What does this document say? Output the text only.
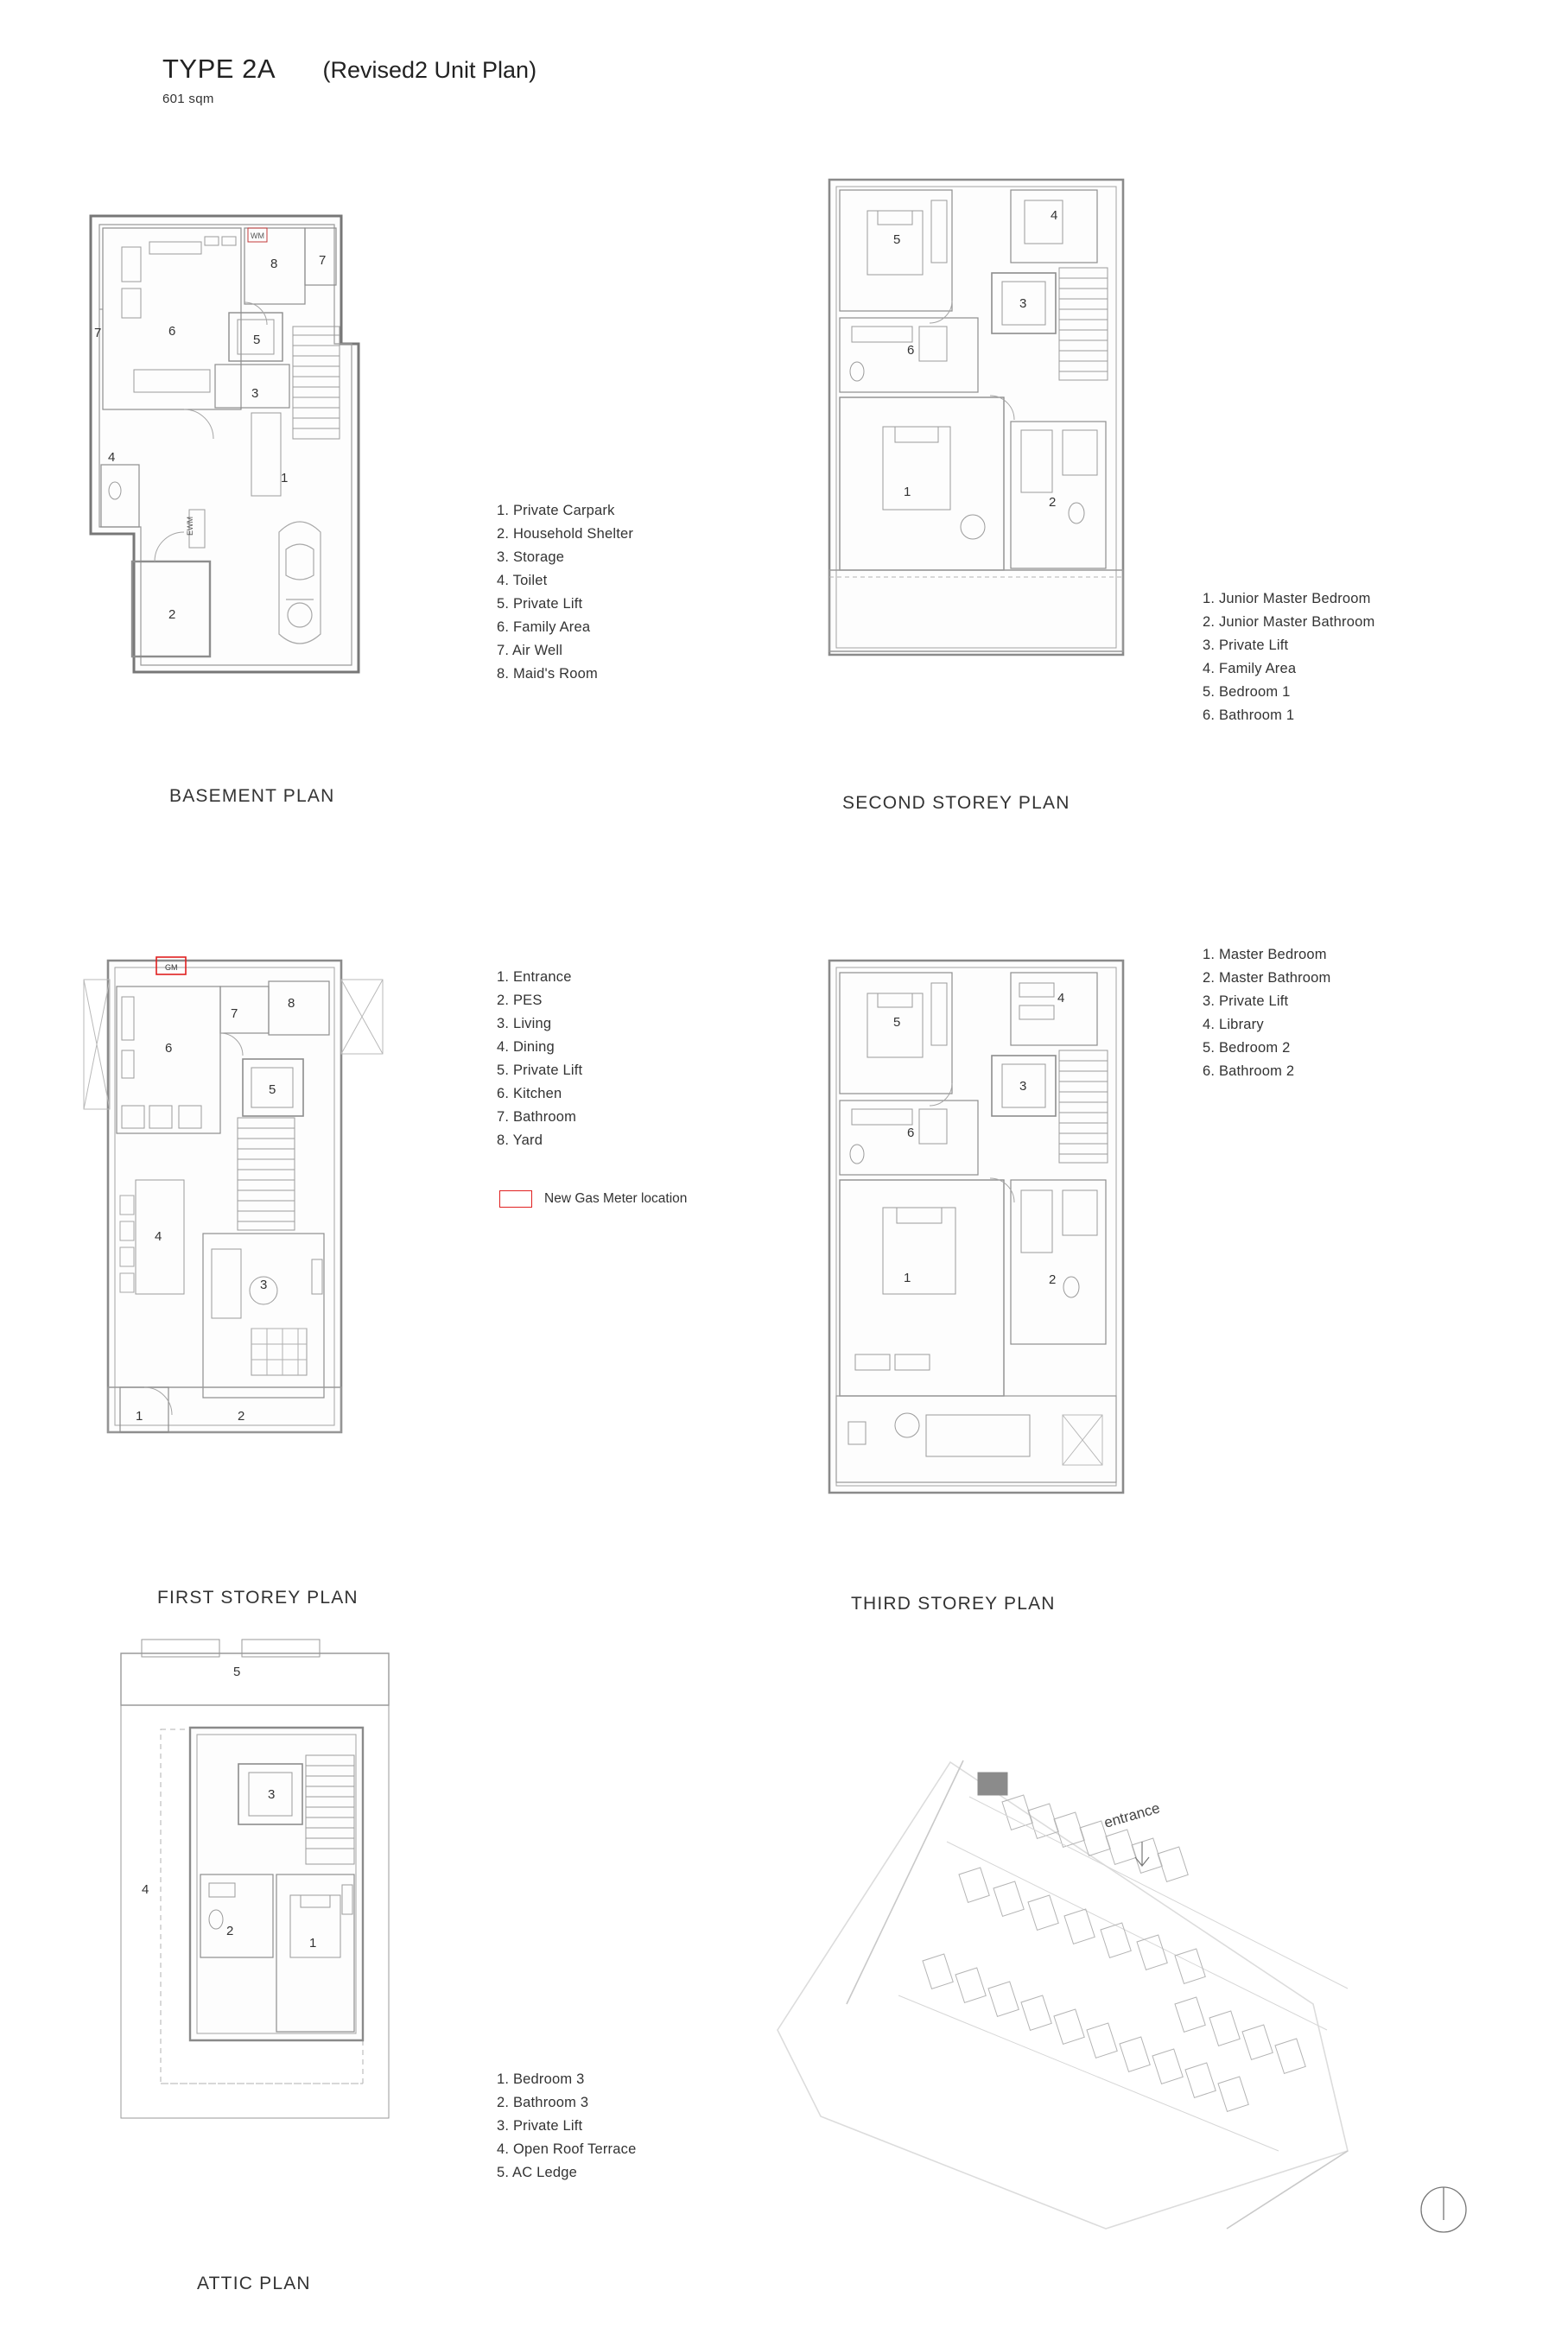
TYPE 2A (Revised2 Unit Plan)
601 sqm
1
2
3
4
5
6
7
7
8
WM
EWM
1. Private Carpark
2. Household Shelter
3. Storage
4. Toilet
5. Private Lift
6. Family Area
7. Air Well
8. Maid's Room
BASEMENT PLAN
1
2
3
4
5
6
1. Junior Master Bedroom
2. Junior Master Bathroom
3. Private Lift
4. Family Area
5. Bedroom 1
6. Bathroom 1
SECOND STOREY PLAN
1	2
3
4
5
6
7
8
GM
1. Entrance
2. PES
3. Living
4. Dining
5. Private Lift
6. Kitchen
7. Bathroom
8. Yard
New Gas Meter location
FIRST STOREY PLAN
1	2
3
4
5
6
1. Master Bedroom
2. Master Bathroom
3. Private Lift
4. Library
5. Bedroom 2
6. Bathroom 2
THIRD STOREY PLAN
1
2
3
4
5
1. Bedroom 3
2. Bathroom 3
3. Private Lift
4. Open Roof Terrace
5. AC Ledge
ATTIC PLAN
entrance
